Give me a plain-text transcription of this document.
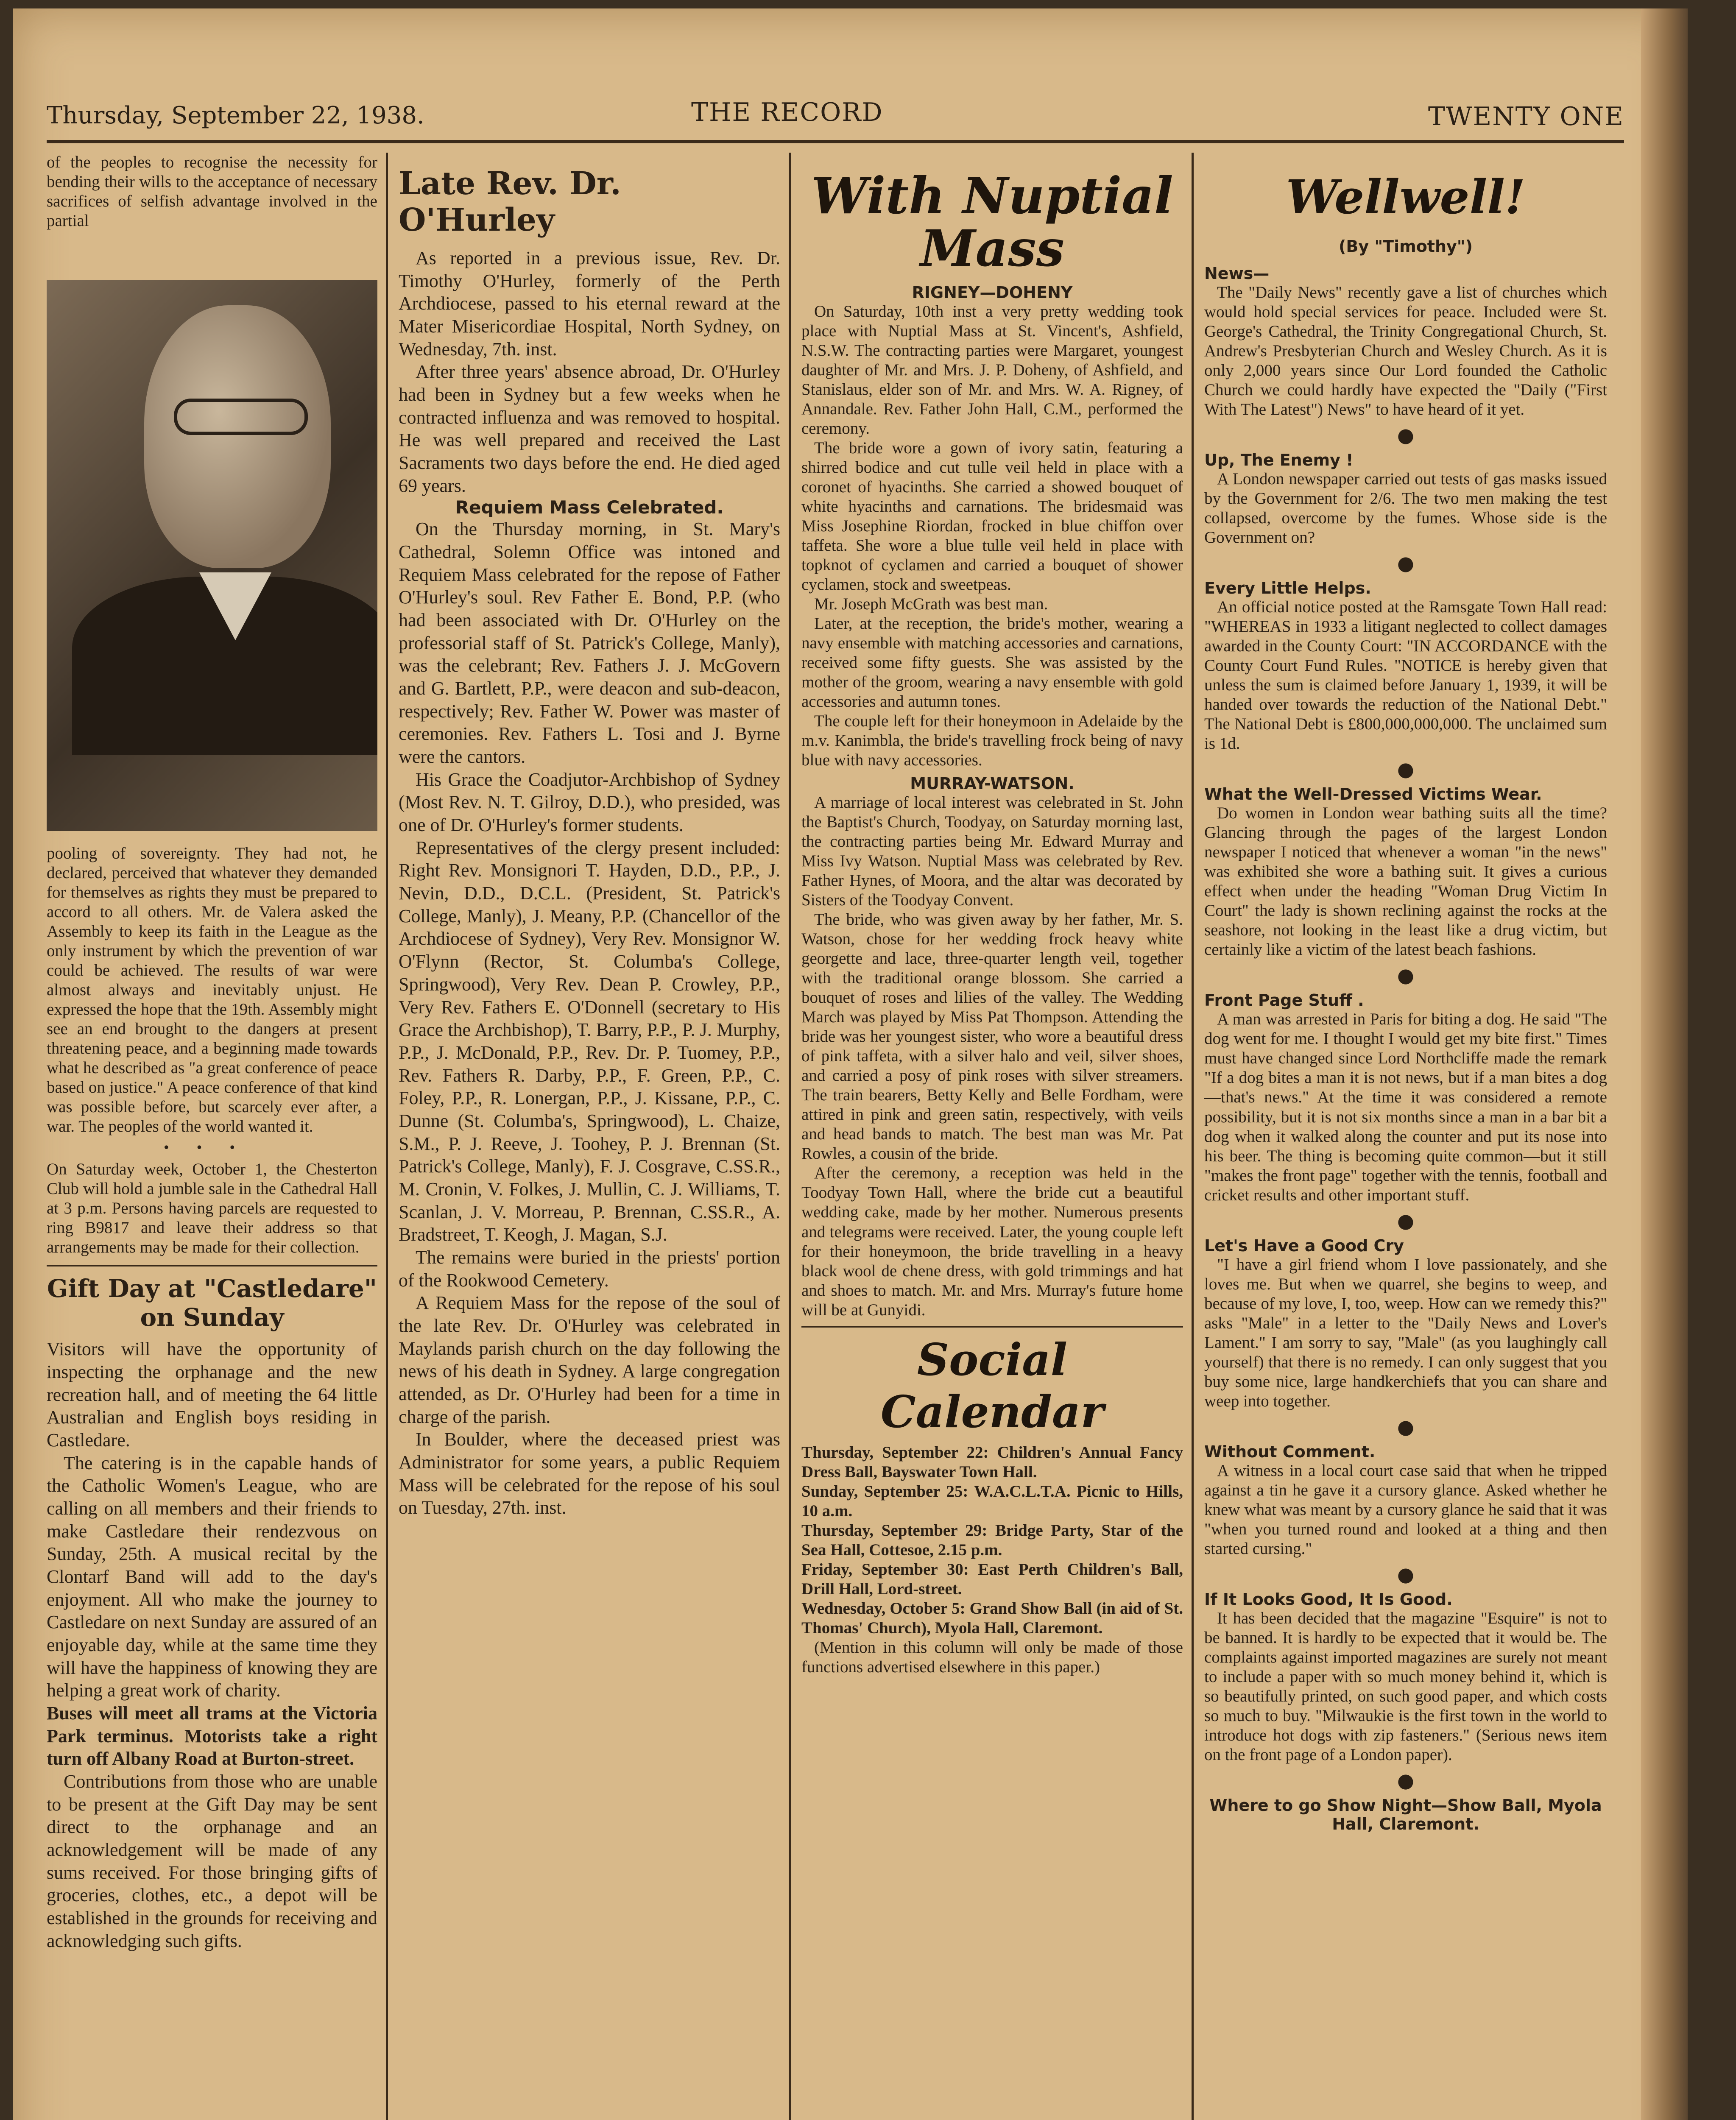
Thursday, September 22, 1938.	THE RECORD	TWENTY ONE

of the peoples to recognise the necessity for bending their wills to the acceptance of necessary sacrifices of selfish advantage involved in the partial

pooling of sovereignty. They had not, he declared, perceived that whatever they demanded for themselves as rights they must be prepared to accord to all others. Mr. de Valera asked the Assembly to keep its faith in the League as the only instrument by which the prevention of war could be achieved. The results of war were almost always and inevitably unjust. He expressed the hope that the 19th. Assembly might see an end brought to the dangers at present threatening peace, and a beginning made towards what he described as "a great conference of peace based on justice." A peace conference of that kind was possible before, but scarcely ever after, a war. The peoples of the world wanted it.

•••

On Saturday week, October 1, the Chesterton Club will hold a jumble sale in the Cathedral Hall at 3 p.m. Persons having parcels are requested to ring B9817 and leave their address so that arrangements may be made for their collection.

Gift Day at "Castledare"
on Sunday

Visitors will have the opportunity of inspecting the orphanage and the new recreation hall, and of meeting the 64 little Australian and English boys residing in Castledare.

The catering is in the capable hands of the Catholic Women's League, who are calling on all members and their friends to make Castledare their rendezvous on Sunday, 25th. A musical recital by the Clontarf Band will add to the day's enjoyment. All who make the journey to Castledare on next Sunday are assured of an enjoyable day, while at the same time they will have the happiness of knowing they are helping a great work of charity.

Buses will meet all trams at the Victoria Park terminus. Motorists take a right turn off Albany Road at Burton-street.

Contributions from those who are unable to be present at the Gift Day may be sent direct to the orphanage and an acknowledgement will be made of any sums received. For those bringing gifts of groceries, clothes, etc., a depot will be established in the grounds for receiving and acknowledging such gifts.

Late Rev. Dr. O'Hurley

As reported in a previous issue, Rev. Dr. Timothy O'Hurley, formerly of the Perth Archdiocese, passed to his eternal reward at the Mater Misericordiae Hospital, North Sydney, on Wednesday, 7th. inst.

After three years' absence abroad, Dr. O'Hurley had been in Sydney but a few weeks when he contracted influenza and was removed to hospital. He was well prepared and received the Last Sacraments two days before the end. He died aged 69 years.

Requiem Mass Celebrated.

On the Thursday morning, in St. Mary's Cathedral, Solemn Office was intoned and Requiem Mass celebrated for the repose of Father O'Hurley's soul. Rev Father E. Bond, P.P. (who had been associated with Dr. O'Hurley on the professorial staff of St. Patrick's College, Manly), was the celebrant; Rev. Fathers J. J. McGovern and G. Bartlett, P.P., were deacon and sub-deacon, respectively; Rev. Father W. Power was master of ceremonies. Rev. Fathers L. Tosi and J. Byrne were the cantors.

His Grace the Coadjutor-Archbishop of Sydney (Most Rev. N. T. Gilroy, D.D.), who presided, was one of Dr. O'Hurley's former students.

Representatives of the clergy present included: Right Rev. Monsignori T. Hayden, D.D., P.P., J. Nevin, D.D., D.C.L. (President, St. Patrick's College, Manly), J. Meany, P.P. (Chancellor of the Archdiocese of Sydney), Very Rev. Monsignor W. O'Flynn (Rector, St. Columba's College, Springwood), Very Rev. Dean P. Crowley, P.P., Very Rev. Fathers E. O'Donnell (secretary to His Grace the Archbishop), T. Barry, P.P., P. J. Murphy, P.P., J. McDonald, P.P., Rev. Dr. P. Tuomey, P.P., Rev. Fathers R. Darby, P.P., F. Green, P.P., C. Foley, P.P., R. Lonergan, P.P., J. Kissane, P.P., C. Dunne (St. Columba's, Springwood), L. Chaize, S.M., P. J. Reeve, J. Toohey, P. J. Brennan (St. Patrick's College, Manly), F. J. Cosgrave, C.SS.R., M. Cronin, V. Folkes, J. Mullin, C. J. Williams, T. Scanlan, J. V. Morreau, P. Brennan, C.SS.R., A. Bradstreet, T. Keogh, J. Magan, S.J.

The remains were buried in the priests' portion of the Rookwood Cemetery.

A Requiem Mass for the repose of the soul of the late Rev. Dr. O'Hurley was celebrated in Maylands parish church on the day following the news of his death in Sydney. A large congregation attended, as Dr. O'Hurley had been for a time in charge of the parish.

In Boulder, where the deceased priest was Administrator for some years, a public Requiem Mass will be celebrated for the repose of his soul on Tuesday, 27th. inst.

With Nuptial Mass

RIGNEY—DOHENY

On Saturday, 10th inst a very pretty wedding took place with Nuptial Mass at St. Vincent's, Ashfield, N.S.W. The contracting parties were Margaret, youngest daughter of Mr. and Mrs. J. P. Doheny, of Ashfield, and Stanislaus, elder son of Mr. and Mrs. W. A. Rigney, of Annandale. Rev. Father John Hall, C.M., performed the ceremony.

The bride wore a gown of ivory satin, featuring a shirred bodice and cut tulle veil held in place with a coronet of hyacinths. She carried a showed bouquet of white hyacinths and carnations. The bridesmaid was Miss Josephine Riordan, frocked in blue chiffon over taffeta. She wore a blue tulle veil held in place with topknot of cyclamen and carried a bouquet of shower cyclamen, stock and sweetpeas.

Mr. Joseph McGrath was best man.

Later, at the reception, the bride's mother, wearing a navy ensemble with matching accessories and carnations, received some fifty guests. She was assisted by the mother of the groom, wearing a navy ensemble with gold accessories and autumn tones.

The couple left for their honeymoon in Adelaide by the m.v. Kanimbla, the bride's travelling frock being of navy blue with navy accessories.

MURRAY-WATSON.

A marriage of local interest was celebrated in St. John the Baptist's Church, Toodyay, on Saturday morning last, the contracting parties being Mr. Edward Murray and Miss Ivy Watson. Nuptial Mass was celebrated by Rev. Father Hynes, of Moora, and the altar was decorated by Sisters of the Toodyay Convent.

The bride, who was given away by her father, Mr. S. Watson, chose for her wedding frock heavy white georgette and lace, three-quarter length veil, together with the traditional orange blossom. She carried a bouquet of roses and lilies of the valley. The Wedding March was played by Miss Pat Thompson. Attending the bride was her youngest sister, who wore a beautiful dress of pink taffeta, with a silver halo and veil, silver shoes, and carried a posy of pink roses with silver streamers. The train bearers, Betty Kelly and Belle Fordham, were attired in pink and green satin, respectively, with veils and head bands to match. The best man was Mr. Pat Rowles, a cousin of the bride.

After the ceremony, a reception was held in the Toodyay Town Hall, where the bride cut a beautiful wedding cake, made by her mother. Numerous presents and telegrams were received. Later, the young couple left for their honeymoon, the bride travelling in a heavy black wool de chene dress, with gold trimmings and hat and shoes to match. Mr. and Mrs. Murray's future home will be at Gunyidi.

Social Calendar

Thursday, September 22: Children's Annual Fancy Dress Ball, Bayswater Town Hall.

Sunday, September 25: W.A.C.L.T.A. Picnic to Hills, 10 a.m.

Thursday, September 29: Bridge Party, Star of the Sea Hall, Cottesoe, 2.15 p.m.

Friday, September 30: East Perth Children's Ball, Drill Hall, Lord-street.

Wednesday, October 5: Grand Show Ball (in aid of St. Thomas' Church), Myola Hall, Claremont.

(Mention in this column will only be made of those functions advertised elsewhere in this paper.)

Wellwell!

(By "Timothy")

News—

The "Daily News" recently gave a list of churches which would hold special services for peace. Included were St. George's Cathedral, the Trinity Congregational Church, St. Andrew's Presbyterian Church and Wesley Church. As it is only 2,000 years since Our Lord founded the Catholic Church we could hardly have expected the "Daily ("First With The Latest") News" to have heard of it yet.

●

Up, The Enemy !

A London newspaper carried out tests of gas masks issued by the Government for 2/6. The two men making the test collapsed, overcome by the fumes. Whose side is the Government on?

●

Every Little Helps.

An official notice posted at the Ramsgate Town Hall read: "WHEREAS in 1933 a litigant neglected to collect damages awarded in the County Court: "IN ACCORDANCE with the County Court Fund Rules. "NOTICE is hereby given that unless the sum is claimed before January 1, 1939, it will be handed over towards the reduction of the National Debt." The National Debt is £800,000,000,000. The unclaimed sum is 1d.

●

What the Well-Dressed Victims Wear.

Do women in London wear bathing suits all the time? Glancing through the pages of the largest London newspaper I noticed that whenever a woman "in the news" was exhibited she wore a bathing suit. It gives a curious effect when under the heading "Woman Drug Victim In Court" the lady is shown reclining against the rocks at the seashore, not looking in the least like a drug victim, but certainly like a victim of the latest beach fashions.

●

Front Page Stuff .

A man was arrested in Paris for biting a dog. He said "The dog went for me. I thought I would get my bite first." Times must have changed since Lord Northcliffe made the remark "If a dog bites a man it is not news, but if a man bites a dog—that's news." At the time it was considered a remote possibility, but it is not six months since a man in a bar bit a dog when it walked along the counter and put its nose into his beer. The thing is becoming quite common—but it still "makes the front page" together with the tennis, football and cricket results and other important stuff.

●

Let's Have a Good Cry

"I have a girl friend whom I love passionately, and she loves me. But when we quarrel, she begins to weep, and because of my love, I, too, weep. How can we remedy this?" asks "Male" in a letter to the "Daily News and Lover's Lament." I am sorry to say, "Male" (as you laughingly call yourself) that there is no remedy. I can only suggest that you buy some nice, large handkerchiefs that you can share and weep into together.

●

Without Comment.

A witness in a local court case said that when he tripped against a tin he gave it a cursory glance. Asked whether he knew what was meant by a cursory glance he said that it was "when you turned round and looked at a thing and then started cursing."

●

If It Looks Good, It Is Good.

It has been decided that the magazine "Esquire" is not to be banned. It is hardly to be expected that it would be. The complaints against imported magazines are surely not meant to include a paper with so much money behind it, which is so beautifully printed, on such good paper, and which costs so much to buy. "Milwaukie is the first town in the world to introduce hot dogs with zip fasteners." (Serious news item on the front page of a London paper).

●

Where to go Show Night—Show Ball, Myola Hall, Claremont.
